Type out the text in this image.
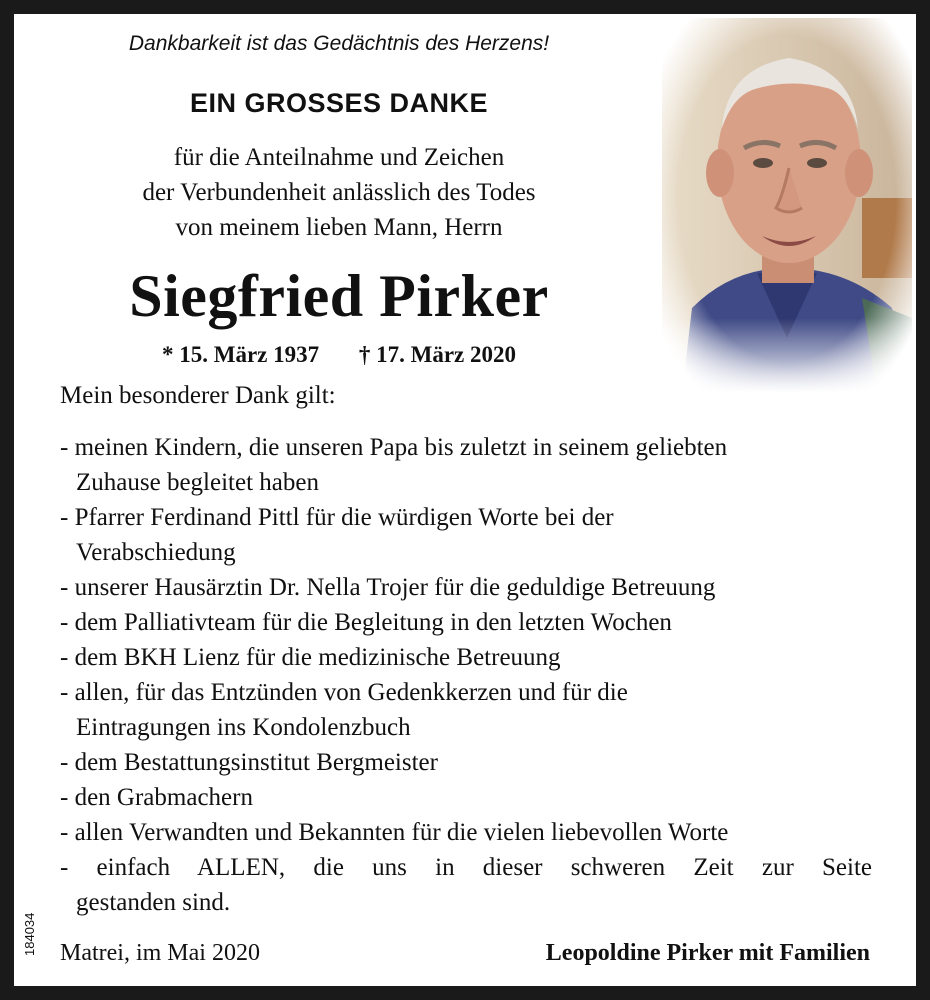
Dankbarkeit ist das Gedächtnis des Herzens!
EIN GROSSES DANKE
für die Anteilnahme und Zeichen
der Verbundenheit anlässlich des Todes
von meinem lieben Mann, Herrn
Siegfried Pirker
* 15. März 1937 † 17. März 2020
Mein besonderer Dank gilt:
- meinen Kindern, die unseren Papa bis zuletzt in seinem geliebten
Zuhause begleitet haben
- Pfarrer Ferdinand Pittl für die würdigen Worte bei der
Verabschiedung
- unserer Hausärztin Dr. Nella Trojer für die geduldige Betreuung
- dem Palliativteam für die Begleitung in den letzten Wochen
- dem BKH Lienz für die medizinische Betreuung
- allen, für das Entzünden von Gedenkkerzen und für die
Eintragungen ins Kondolenzbuch
- dem Bestattungsinstitut Bergmeister
- den Grabmachern
- allen Verwandten und Bekannten für die vielen liebevollen Worte
- einfach ALLEN, die uns in dieser schweren Zeit zur Seite
gestanden sind.
Matrei, im Mai 2020	Leopoldine Pirker mit Familien
184034
